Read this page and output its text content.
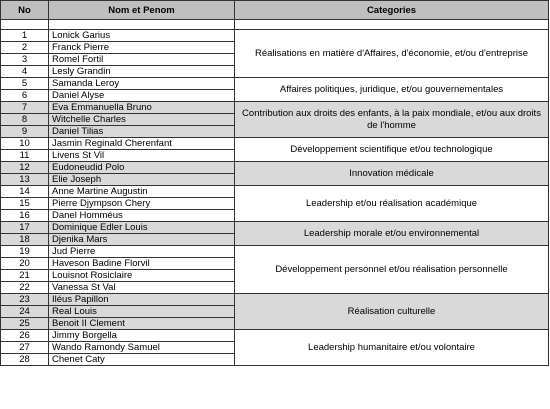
No	Nom et Penom	Categories

1	Lonick Garius	Réalisations en matière d'Affaires, d'économie, et/ou d'entreprise
2	Franck Pierre	
3	Romel Fortil	
4	Lesly Grandin	
5	Samanda Leroy	Affaires politiques, juridique, et/ou gouvernementales
6	Daniel Alyse	
7	Eva Emmanuella Bruno	Contribution aux droits des enfants, à la paix mondiale, et/ou aux droits de l'homme
8	Witchelle Charles	
9	Daniel Tilias	
10	Jasmin Reginald Cherenfant	Développement scientifique et/ou technologique
11	Livens St Vil	
12	Eudoneudid Polo	Innovation médicale
13	Elie Joseph	
14	Anne Martine Augustin	Leadership et/ou réalisation académique
15	Pierre Djympson Chery	
16	Danel Homméus	
17	Dominique Edler Louis	Leadership morale et/ou environnemental
18	Djenika Mars	
19	Jud Pierre	Développement personnel et/ou réalisation personnelle
20	Haveson Badine Florvil	
21	Louisnot Rosiclaire	
22	Vanessa St Val	
23	Iléus Papillon	Réalisation culturelle
24	Real Louis	
25	Benoit II Clement	
26	Jimmy Borgella	Leadership humanitaire et/ou volontaire
27	Wando Ramondy Samuel	
28	Chenet Caty	
